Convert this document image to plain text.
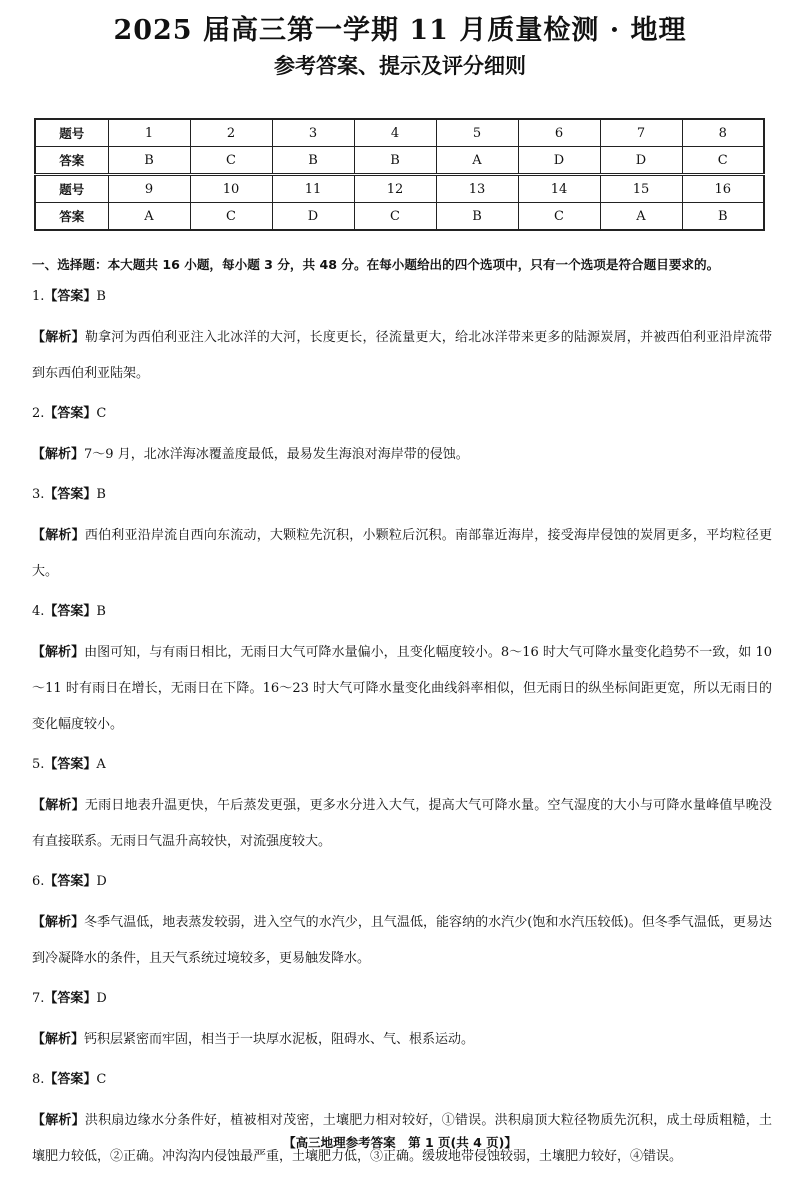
2025 届高三第一学期 11 月质量检测 · 地理
参考答案、提示及评分细则
题号	1	2	3	4	5	6	7	8
答案	B	C	B	B	A	D	D	C
题号	9	10	11	12	13	14	15	16
答案	A	C	D	C	B	C	A	B
一、选择题：本大题共 16 小题，每小题 3 分，共 48 分。在每小题给出的四个选项中，只有一个选项是符合题目要求的。

1.【答案】B

【解析】勒拿河为西伯利亚注入北冰洋的大河，长度更长，径流量更大，给北冰洋带来更多的陆源炭屑，并被西伯利亚沿岸流带到东西伯利亚陆架。

2.【答案】C

【解析】7～9 月，北冰洋海冰覆盖度最低，最易发生海浪对海岸带的侵蚀。

3.【答案】B

【解析】西伯利亚沿岸流自西向东流动，大颗粒先沉积，小颗粒后沉积。南部靠近海岸，接受海岸侵蚀的炭屑更多，平均粒径更大。

4.【答案】B

【解析】由图可知，与有雨日相比，无雨日大气可降水量偏小，且变化幅度较小。8～16 时大气可降水量变化趋势不一致，如 10～11 时有雨日在增长，无雨日在下降。16～23 时大气可降水量变化曲线斜率相似，但无雨日的纵坐标间距更宽，所以无雨日的变化幅度较小。

5.【答案】A

【解析】无雨日地表升温更快，午后蒸发更强，更多水分进入大气，提高大气可降水量。空气湿度的大小与可降水量峰值早晚没有直接联系。无雨日气温升高较快，对流强度较大。

6.【答案】D

【解析】冬季气温低，地表蒸发较弱，进入空气的水汽少，且气温低，能容纳的水汽少(饱和水汽压较低)。但冬季气温低，更易达到冷凝降水的条件，且天气系统过境较多，更易触发降水。

7.【答案】D

【解析】钙积层紧密而牢固，相当于一块厚水泥板，阻碍水、气、根系运动。

8.【答案】C

【解析】洪积扇边缘水分条件好，植被相对茂密，土壤肥力相对较好，①错误。洪积扇顶大粒径物质先沉积，成土母质粗糙，土壤肥力较低，②正确。冲沟沟内侵蚀最严重，土壤肥力低，③正确。缓坡地带侵蚀较弱，土壤肥力较好，④错误。

【高三地理参考答案　第 1 页(共 4 页)】
